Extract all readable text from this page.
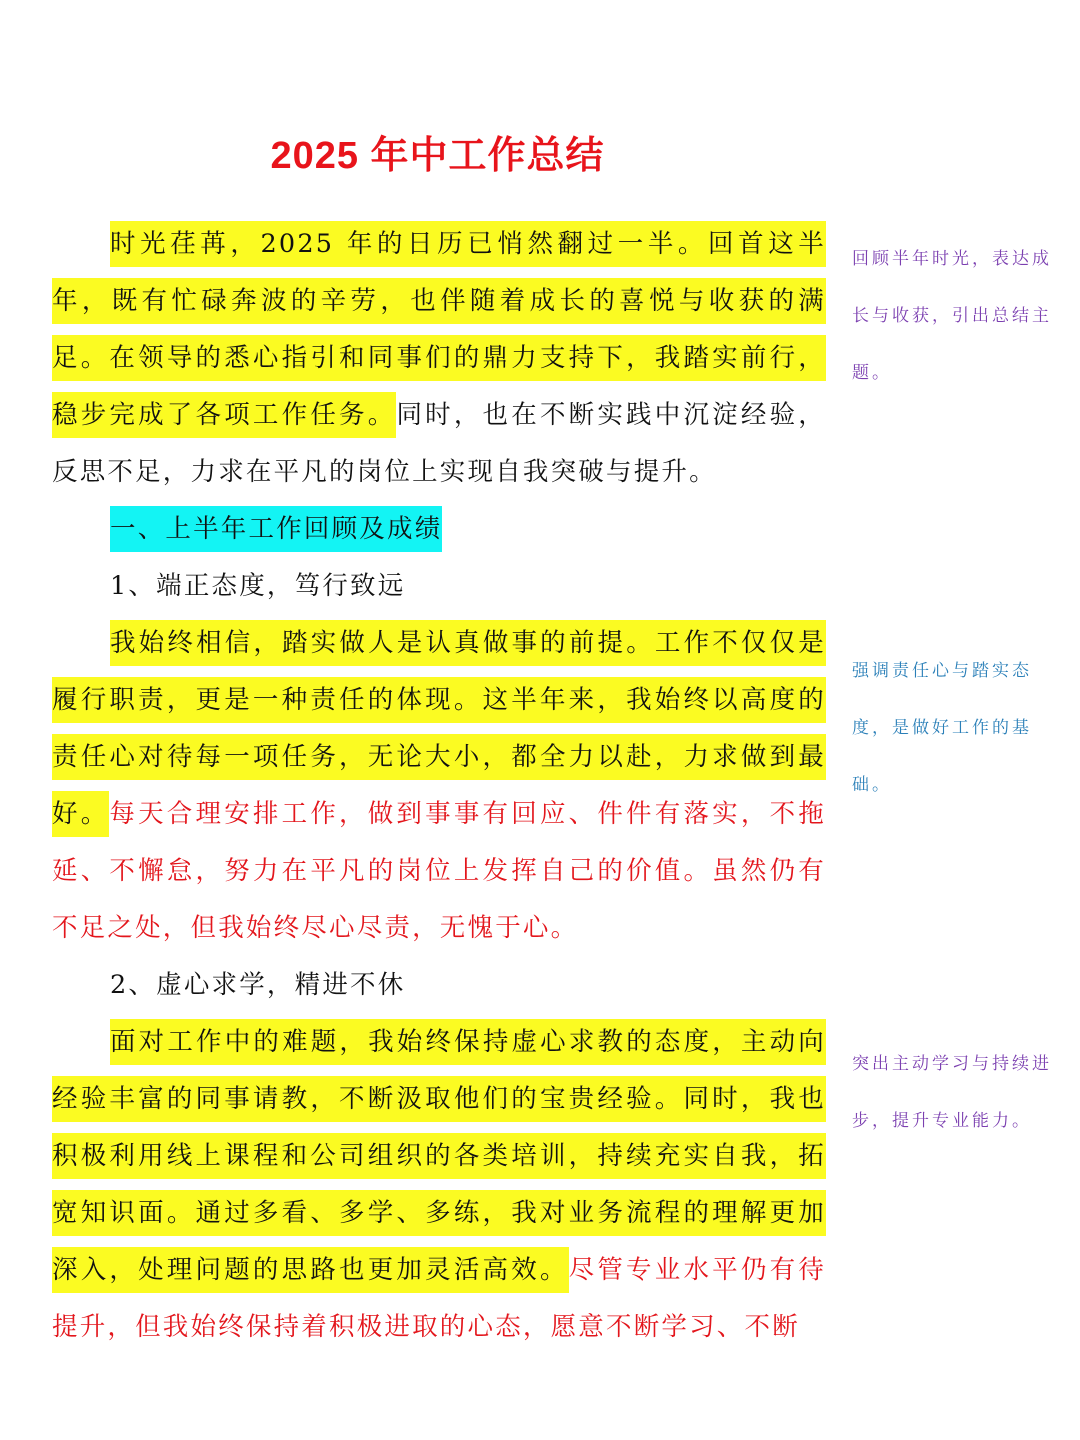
2025 年中工作总结

时光荏苒，2025 年的日历已悄然翻过一半。回首这半年，既有忙碌奔波的辛劳，也伴随着成长的喜悦与收获的满足。在领导的悉心指引和同事们的鼎力支持下，我踏实前行，稳步完成了各项工作任务。同时，也在不断实践中沉淀经验，反思不足，力求在平凡的岗位上实现自我突破与提升。

一、上半年工作回顾及成绩

1、端正态度，笃行致远

我始终相信，踏实做人是认真做事的前提。工作不仅仅是履行职责，更是一种责任的体现。这半年来，我始终以高度的责任心对待每一项任务，无论大小，都全力以赴，力求做到最好。每天合理安排工作，做到事事有回应、件件有落实，不拖延、不懈怠，努力在平凡的岗位上发挥自己的价值。虽然仍有不足之处，但我始终尽心尽责，无愧于心。

2、虚心求学，精进不休

面对工作中的难题，我始终保持虚心求教的态度，主动向经验丰富的同事请教，不断汲取他们的宝贵经验。同时，我也积极利用线上课程和公司组织的各类培训，持续充实自我，拓宽知识面。通过多看、多学、多练，我对业务流程的理解更加深入，处理问题的思路也更加灵活高效。尽管专业水平仍有待提升，但我始终保持着积极进取的心态，愿意不断学习、不断

回顾半年时光，表达成长与收获，引出总结主题。
强调责任心与踏实态度，是做好工作的基础。
突出主动学习与持续进步，提升专业能力。
